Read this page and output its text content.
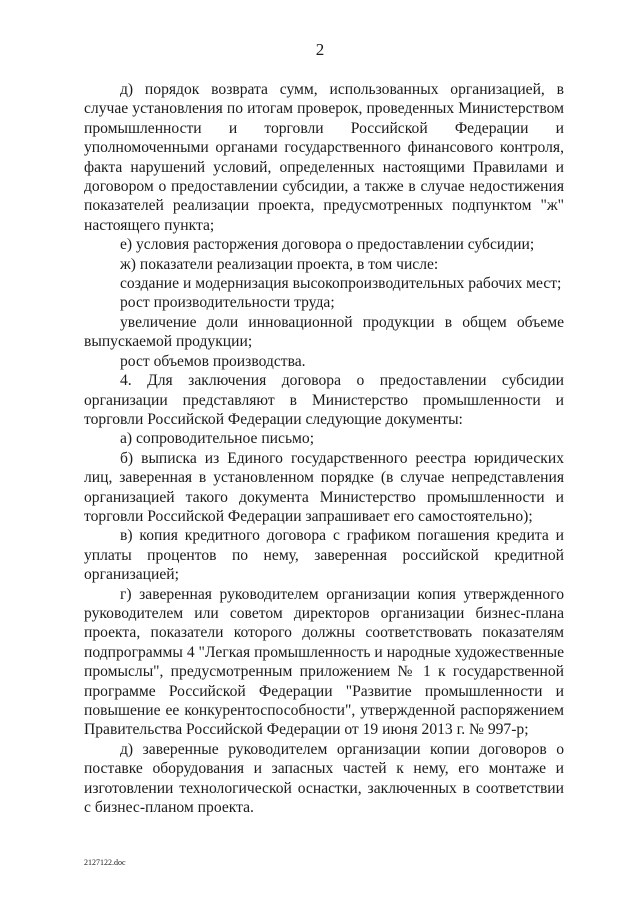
2

д) порядок возврата сумм, использованных организацией, в случае установления по итогам проверок, проведенных Министерством промышленности и торговли Российской Федерации и уполномоченными органами государственного финансового контроля, факта нарушений условий, определенных настоящими Правилами и договором о предоставлении субсидии, а также в случае недостижения показателей реализации проекта, предусмотренных подпунктом "ж" настоящего пункта;

е) условия расторжения договора о предоставлении субсидии;

ж) показатели реализации проекта, в том числе:

создание и модернизация высокопроизводительных рабочих мест;

рост производительности труда;

увеличение доли инновационной продукции в общем объеме выпускаемой продукции;

рост объемов производства.

4. Для заключения договора о предоставлении субсидии организации представляют в Министерство промышленности и торговли Российской Федерации следующие документы:

а) сопроводительное письмо;

б) выписка из Единого государственного реестра юридических лиц, заверенная в установленном порядке (в случае непредставления организацией такого документа Министерство промышленности и торговли Российской Федерации запрашивает его самостоятельно);

в) копия кредитного договора с графиком погашения кредита и уплаты процентов по нему, заверенная российской кредитной организацией;

г) заверенная руководителем организации копия утвержденного руководителем или советом директоров организации бизнес-плана проекта, показатели которого должны соответствовать показателям подпрограммы 4 "Легкая промышленность и народные художественные промыслы", предусмотренным приложением № 1 к государственной программе Российской Федерации "Развитие промышленности и повышение ее конкурентоспособности", утвержденной распоряжением Правительства Российской Федерации от 19 июня 2013 г. № 997-р;

д) заверенные руководителем организации копии договоров о поставке оборудования и запасных частей к нему, его монтаже и изготовлении технологической оснастки, заключенных в соответствии с бизнес-планом проекта.

2127122.doc
